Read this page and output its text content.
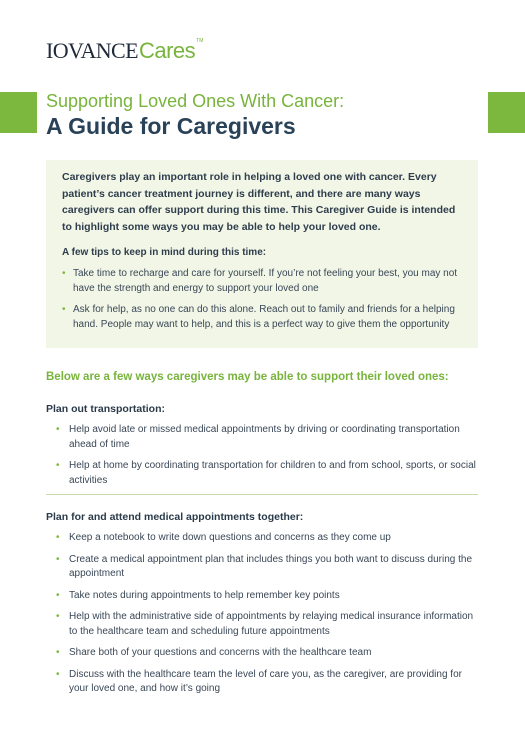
IOVANCE Cares TM
Supporting Loved Ones With Cancer:
A Guide for Caregivers

Caregivers play an important role in helping a loved one with cancer. Every patient’s cancer treatment journey is different, and there are many ways caregivers can offer support during this time. This Caregiver Guide is intended to highlight some ways you may be able to help your loved one.

A few tips to keep in mind during this time:

• Take time to recharge and care for yourself. If you’re not feeling your best, you may not have the strength and energy to support your loved one
• Ask for help, as no one can do this alone. Reach out to family and friends for a helping hand. People may want to help, and this is a perfect way to give them the opportunity
Below are a few ways caregivers may be able to support their loved ones:
Plan out transportation:
• Help avoid late or missed medical appointments by driving or coordinating transportation ahead of time
• Help at home by coordinating transportation for children to and from school, sports, or social activities
Plan for and attend medical appointments together:
• Keep a notebook to write down questions and concerns as they come up
• Create a medical appointment plan that includes things you both want to discuss during the appointment
• Take notes during appointments to help remember key points
• Help with the administrative side of appointments by relaying medical insurance information to the healthcare team and scheduling future appointments
• Share both of your questions and concerns with the healthcare team
• Discuss with the healthcare team the level of care you, as the caregiver, are providing for your loved one, and how it’s going
